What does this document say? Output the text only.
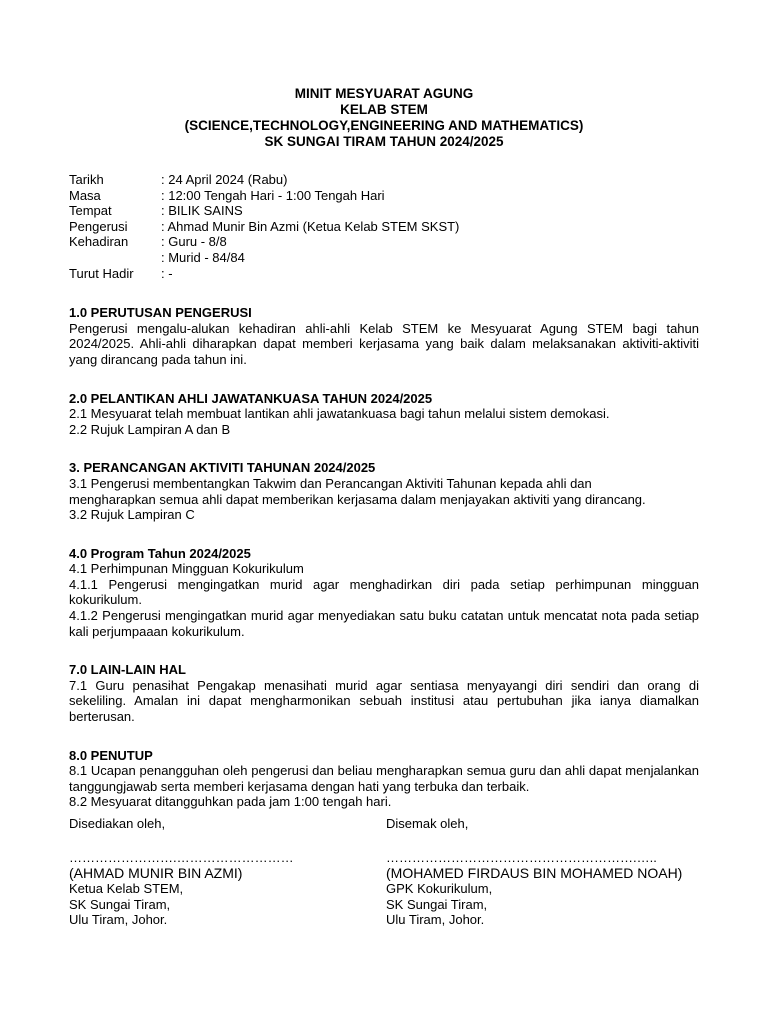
MINIT MESYUARAT AGUNG
KELAB STEM
(SCIENCE,TECHNOLOGY,ENGINEERING AND MATHEMATICS)
SK SUNGAI TIRAM TAHUN 2024/2025
Tarikh	: 24 April 2024 (Rabu)
Masa	: 12:00 Tengah Hari - 1:00 Tengah Hari
Tempat	: BILIK SAINS
Pengerusi	: Ahmad Munir Bin Azmi (Ketua Kelab STEM SKST)
Kehadiran	: Guru - 8/8

: Murid - 84/84
Turut Hadir	: -
1.0 PERUTUSAN PENGERUSI
Pengerusi mengalu-alukan kehadiran ahli-ahli Kelab STEM ke Mesyuarat Agung STEM bagi tahun 2024/2025. Ahli-ahli diharapkan dapat memberi kerjasama yang baik dalam melaksanakan aktiviti-aktiviti yang dirancang pada tahun ini.
2.0 PELANTIKAN AHLI JAWATANKUASA TAHUN 2024/2025
2.1 Mesyuarat telah membuat lantikan ahli jawatankuasa bagi tahun melalui sistem demokasi.
2.2 Rujuk Lampiran A dan B
3. PERANCANGAN AKTIVITI TAHUNAN 2024/2025
3.1 Pengerusi membentangkan Takwim dan Perancangan Aktiviti Tahunan kepada ahli dan mengharapkan semua ahli dapat memberikan kerjasama dalam menjayakan aktiviti yang dirancang.
3.2 Rujuk Lampiran C
4.0 Program Tahun 2024/2025
4.1 Perhimpunan Mingguan Kokurikulum
4.1.1 Pengerusi mengingatkan murid agar menghadirkan diri pada setiap perhimpunan mingguan kokurikulum.
4.1.2 Pengerusi mengingatkan murid agar menyediakan satu buku catatan untuk mencatat nota pada setiap kali perjumpaaan kokurikulum.
7.0 LAIN-LAIN HAL
7.1 Guru penasihat Pengakap menasihati murid agar sentiasa menyayangi diri sendiri dan orang di sekeliling. Amalan ini dapat mengharmonikan sebuah institusi atau pertubuhan jika ianya diamalkan berterusan.
8.0 PENUTUP
8.1 Ucapan penangguhan oleh pengerusi dan beliau mengharapkan semua guru dan ahli dapat menjalankan tanggungjawab serta memberi kerjasama dengan hati yang terbuka dan terbaik.
8.2 Mesyuarat ditangguhkan pada jam 1:00 tengah hari.
Disediakan oleh,
…………………….………………………
(AHMAD MUNIR BIN AZMI)
Ketua Kelab STEM,
SK Sungai Tiram,
Ulu Tiram, Johor.
Disemak oleh,
………………………………………………….…..
(MOHAMED FIRDAUS BIN MOHAMED NOAH)
GPK Kokurikulum,
SK Sungai Tiram,
Ulu Tiram, Johor.
